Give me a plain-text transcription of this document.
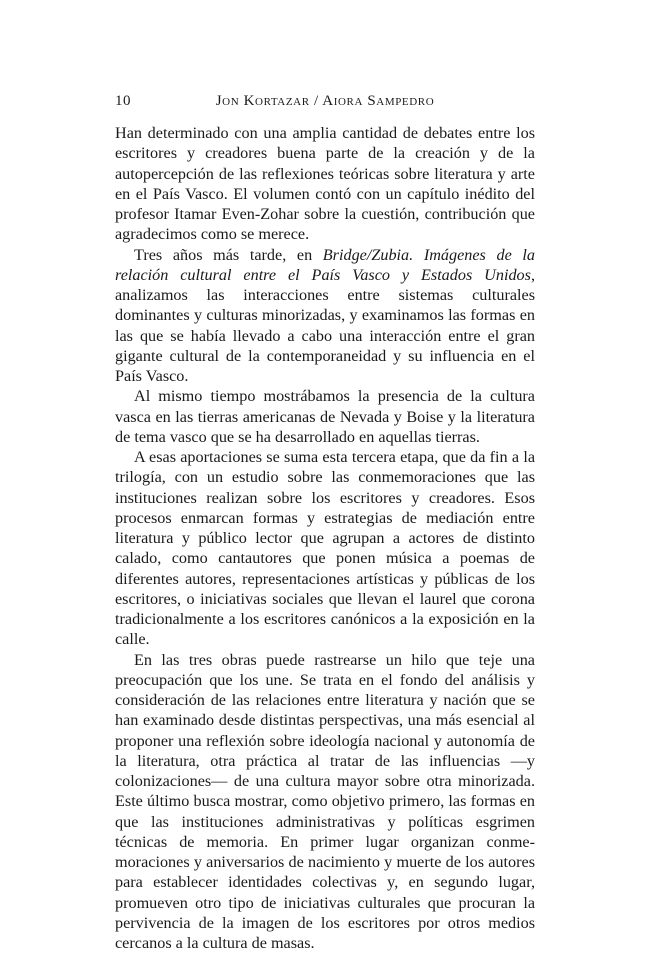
10	Jon Kortazar / Aiora Sampedro

Han determinado con una amplia cantidad de debates entre los escritores y creadores buena parte de la creación y de la autopercepción de las reflexiones teóricas sobre literatura y arte en el País Vasco. El volumen contó con un capítulo inédito del profesor Itamar Even-Zohar sobre la cuestión, contribución que agradecimos como se merece.

Tres años más tarde, en Bridge/Zubia. Imágenes de la relación cultural entre el País Vasco y Estados Unidos, analizamos las interacciones entre sistemas culturales dominantes y culturas minorizadas, y examinamos las formas en las que se había llevado a cabo una interacción entre el gran gigante cultural de la contemporaneidad y su influencia en el País Vasco.

Al mismo tiempo mostrábamos la presencia de la cultura vasca en las tierras americanas de Nevada y Boise y la literatura de tema vasco que se ha desarrollado en aquellas tierras.

A esas aportaciones se suma esta tercera etapa, que da fin a la trilogía, con un estudio sobre las conmemoraciones que las instituciones realizan sobre los escritores y creadores. Esos procesos enmarcan formas y estrategias de mediación entre literatura y público lector que agrupan a actores de distinto calado, como cantautores que ponen música a poemas de diferentes autores, representaciones artísticas y públicas de los escritores, o iniciativas sociales que llevan el laurel que corona tradicionalmente a los escritores canónicos a la exposición en la calle.

En las tres obras puede rastrearse un hilo que teje una preocupación que los une. Se trata en el fondo del análisis y consideración de las relaciones entre literatura y nación que se han examinado desde distintas perspectivas, una más esencial al proponer una reflexión sobre ideología nacional y autonomía de la literatura, otra práctica al tratar de las influencias —y colonizaciones— de una cultura mayor sobre otra minorizada. Este último busca mostrar, como objetivo primero, las formas en que las instituciones administrativas y políticas esgrimen técnicas de memoria. En primer lugar organizan conmemoraciones y aniversarios de nacimiento y muerte de los autores para establecer identidades colectivas y, en segundo lugar, promueven otro tipo de iniciativas culturales que procuran la pervivencia de la imagen de los escritores por otros medios cercanos a la cultura de masas.
